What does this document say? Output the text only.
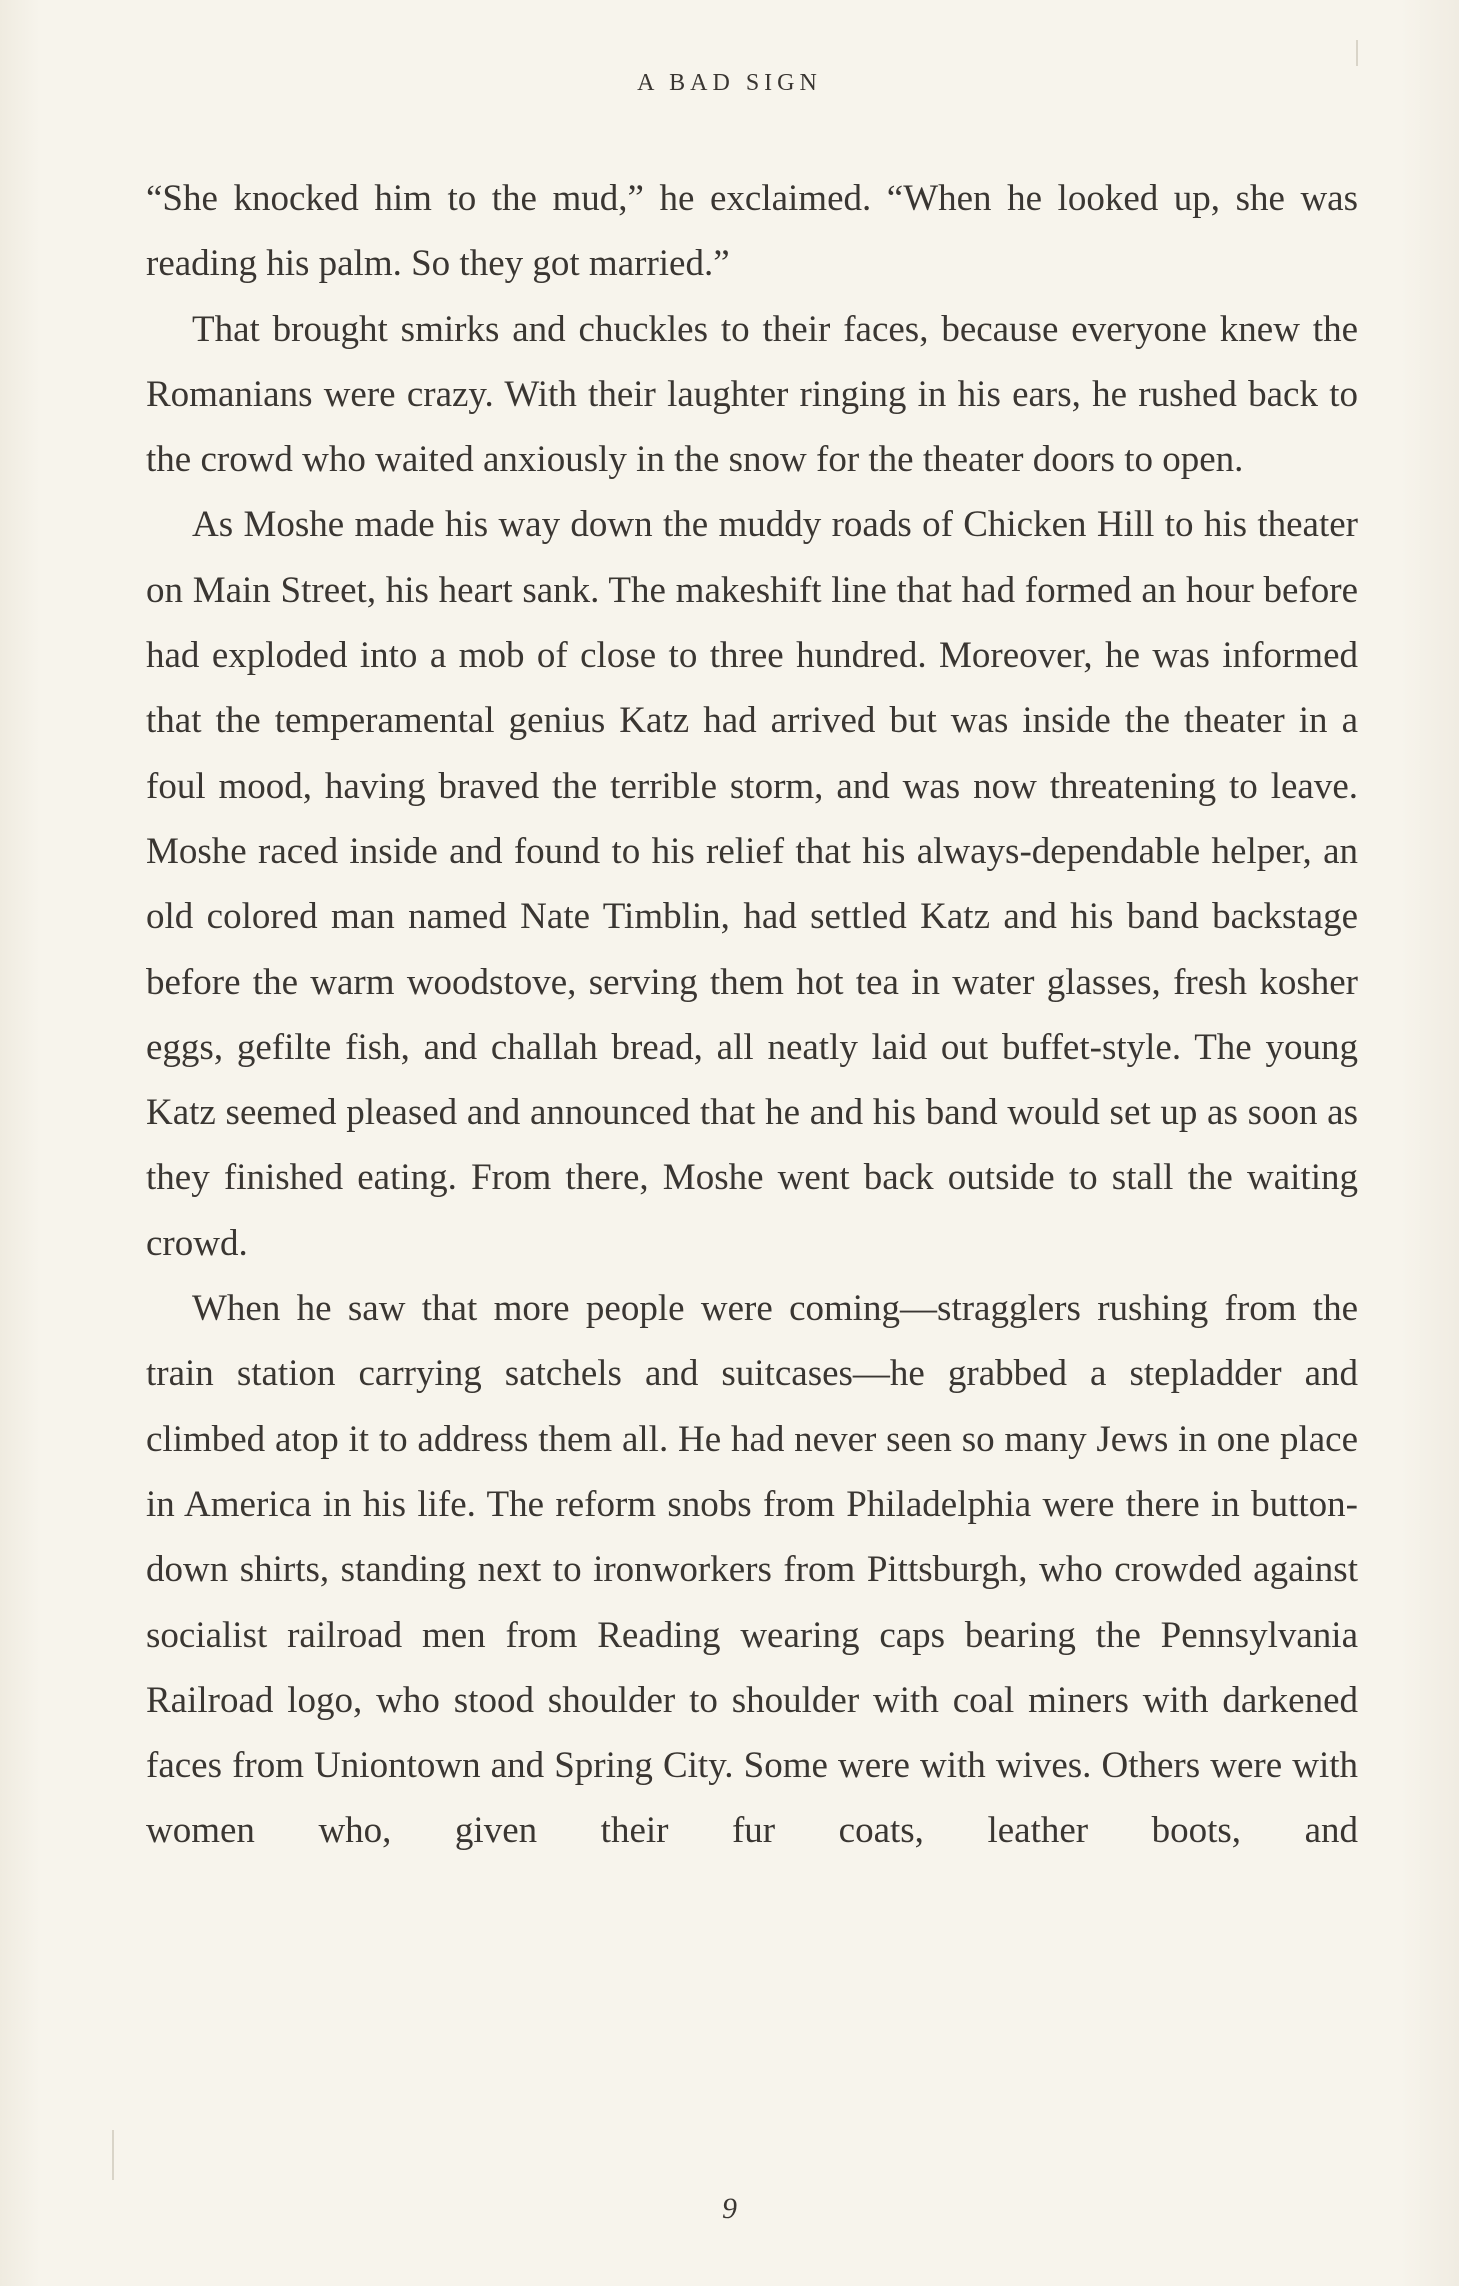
A BAD SIGN

“She knocked him to the mud,” he exclaimed. “When he looked up, she was reading his palm. So they got married.”

That brought smirks and chuckles to their faces, because everyone knew the Romanians were crazy. With their laughter ringing in his ears, he rushed back to the crowd who waited anxiously in the snow for the theater doors to open.

As Moshe made his way down the muddy roads of Chicken Hill to his theater on Main Street, his heart sank. The makeshift line that had formed an hour before had exploded into a mob of close to three hundred. Moreover, he was informed that the temperamental genius Katz had arrived but was inside the theater in a foul mood, having braved the terrible storm, and was now threatening to leave. Moshe raced inside and found to his relief that his always-dependable helper, an old colored man named Nate Timblin, had settled Katz and his band backstage before the warm woodstove, serving them hot tea in water glasses, fresh kosher eggs, gefilte fish, and challah bread, all neatly laid out buffet-style. The young Katz seemed pleased and announced that he and his band would set up as soon as they finished eating. From there, Moshe went back outside to stall the waiting crowd.

When he saw that more people were coming—stragglers rushing from the train station carrying satchels and suitcases—he grabbed a stepladder and climbed atop it to address them all. He had never seen so many Jews in one place in America in his life. The reform snobs from Philadelphia were there in button-down shirts, standing next to ironworkers from Pittsburgh, who crowded against socialist railroad men from Reading wearing caps bearing the Pennsylvania Railroad logo, who stood shoulder to shoulder with coal miners with darkened faces from Uniontown and Spring City. Some were with wives. Others were with women who, given their fur coats, leather boots, and

9
